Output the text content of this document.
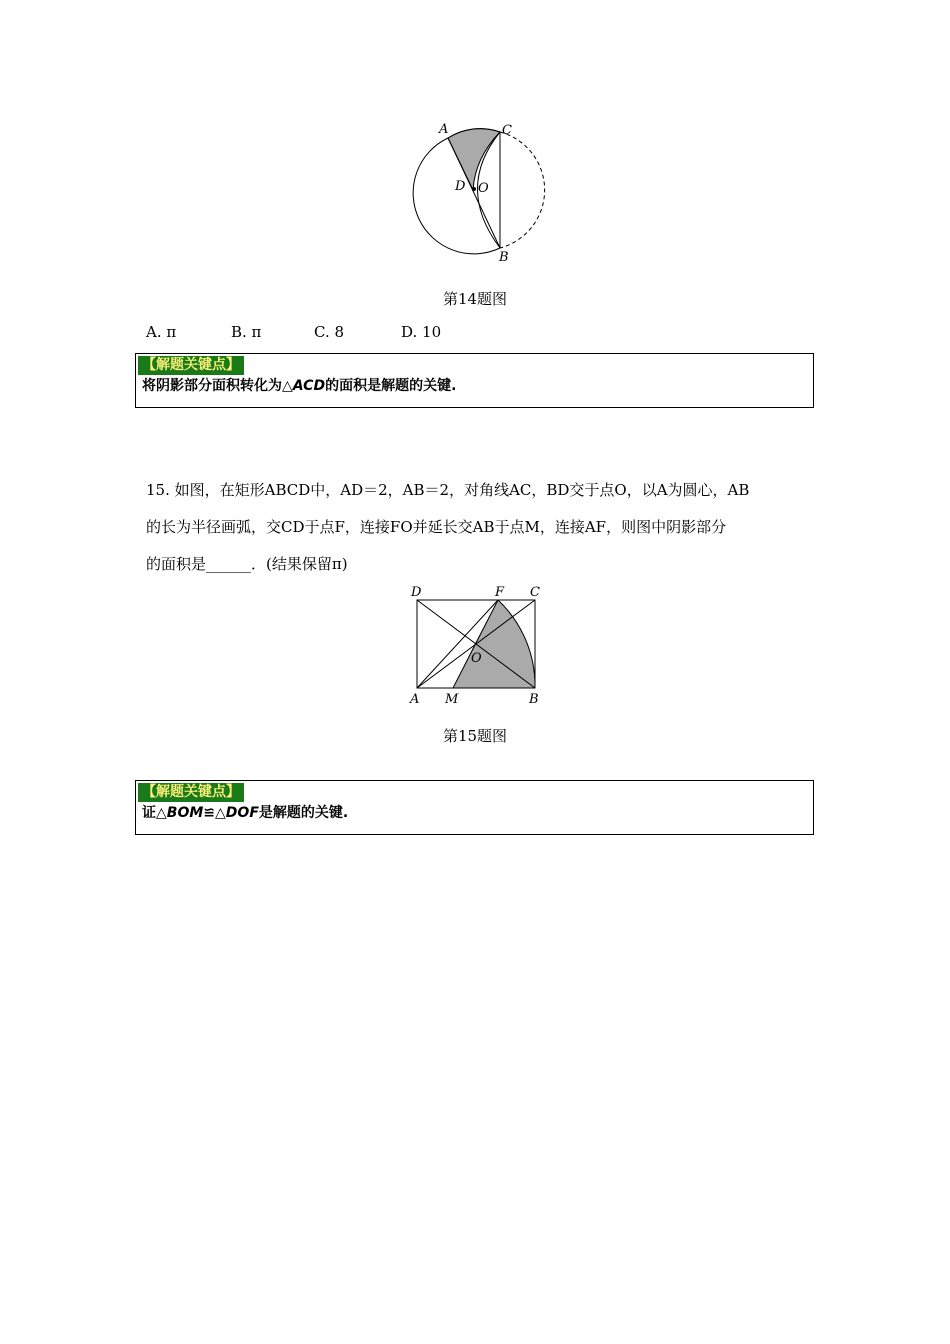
A	C
D O
B
第14题图
A. π	B. π	C. 8	D. 10
【解题关键点】
将阴影部分面积转化为△ACD的面积是解题的关键.
15. 如图，在矩形ABCD中，AD＝2，AB＝2，对角线AC，BD交于点O，以A为圆心，AB
的长为半径画弧，交CD于点F，连接FO并延长交AB于点M，连接AF，则图中阴影部分
的面积是______．(结果保留π)
D	F C
O
A M	B
第15题图
【解题关键点】
证△BOM≌△DOF是解题的关键.
